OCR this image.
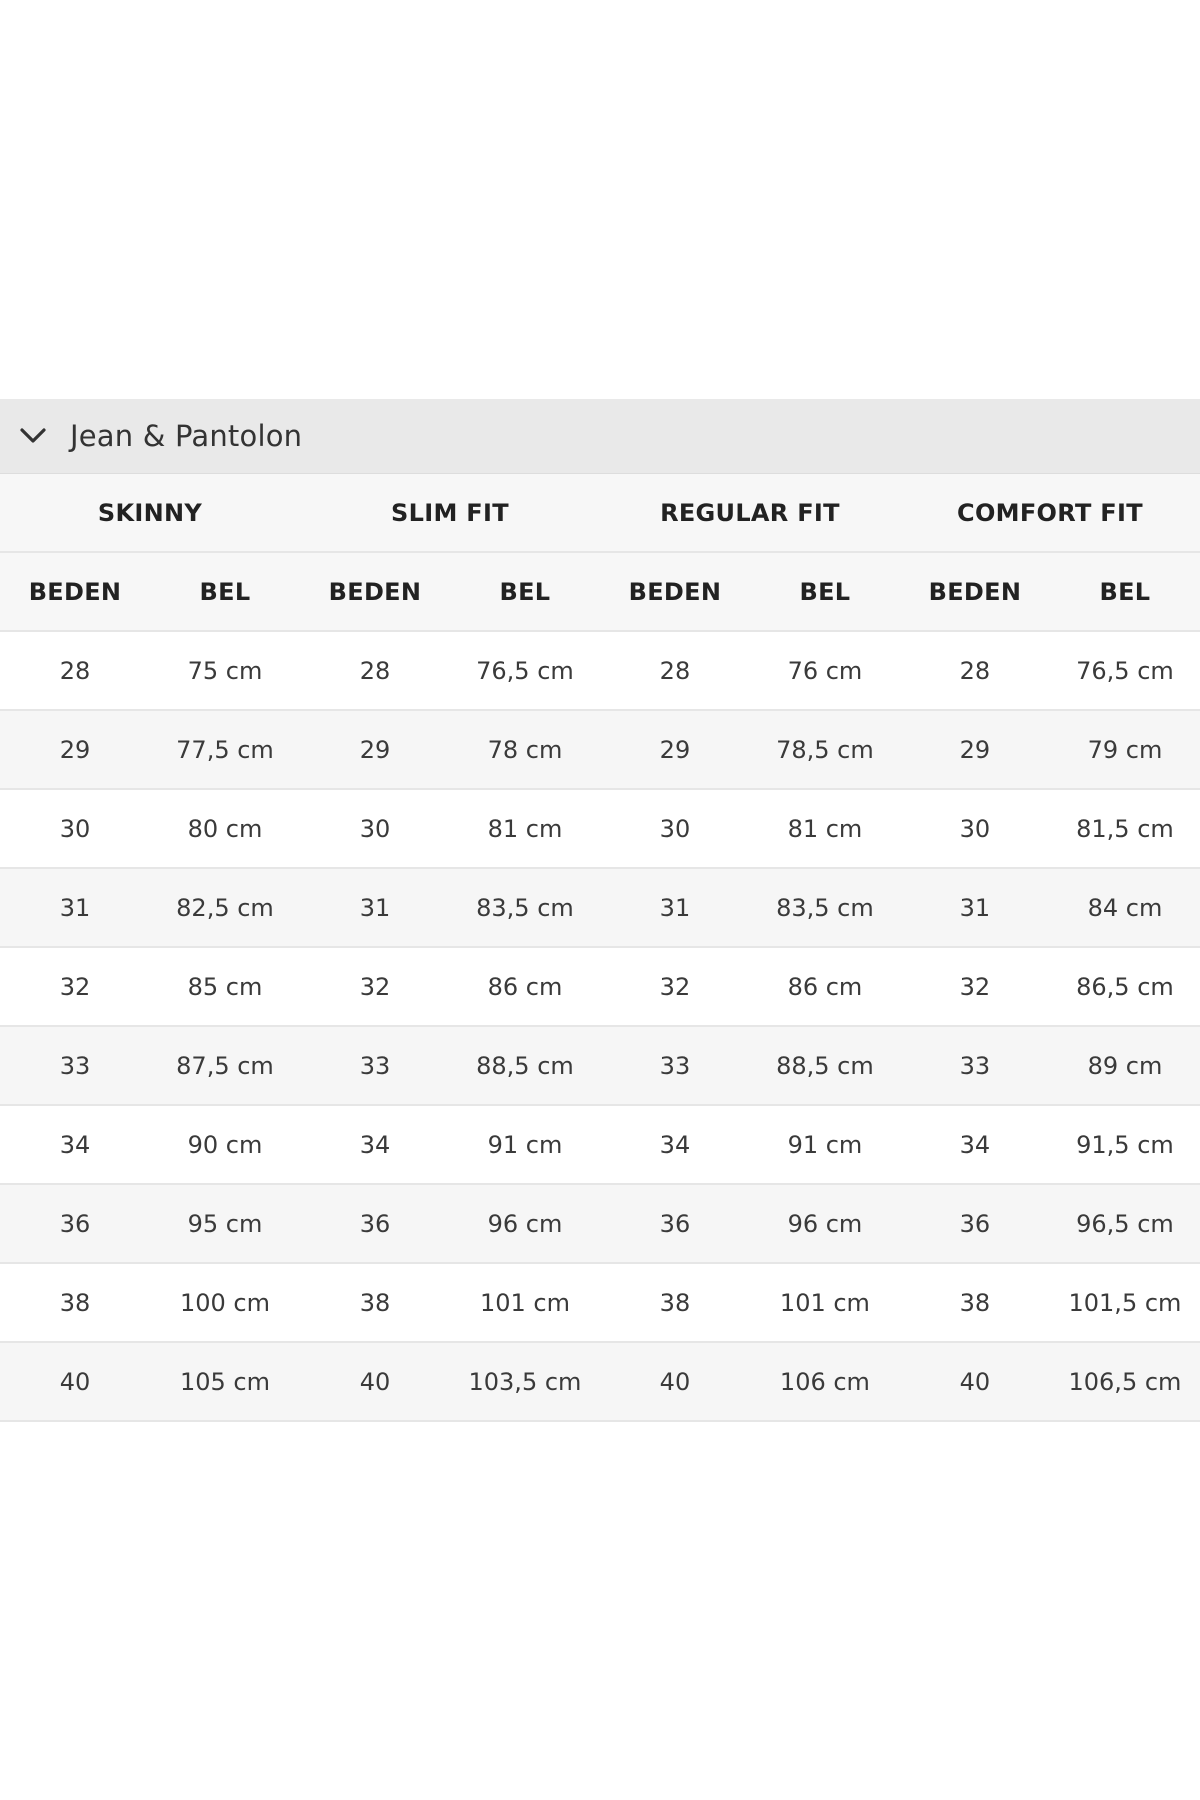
Jean & Pantolon
SKINNY		SLIM FIT		REGULAR FIT		COMFORT FIT	
BEDEN	BEL	BEDEN	BEL	BEDEN	BEL	BEDEN	BEL
28	75 cm	28	76,5 cm	28	76 cm	28	76,5 cm
29	77,5 cm	29	78 cm	29	78,5 cm	29	79 cm
30	80 cm	30	81 cm	30	81 cm	30	81,5 cm
31	82,5 cm	31	83,5 cm	31	83,5 cm	31	84 cm
32	85 cm	32	86 cm	32	86 cm	32	86,5 cm
33	87,5 cm	33	88,5 cm	33	88,5 cm	33	89 cm
34	90 cm	34	91 cm	34	91 cm	34	91,5 cm
36	95 cm	36	96 cm	36	96 cm	36	96,5 cm
38	100 cm	38	101 cm	38	101 cm	38	101,5 cm
40	105 cm	40	103,5 cm	40	106 cm	40	106,5 cm
